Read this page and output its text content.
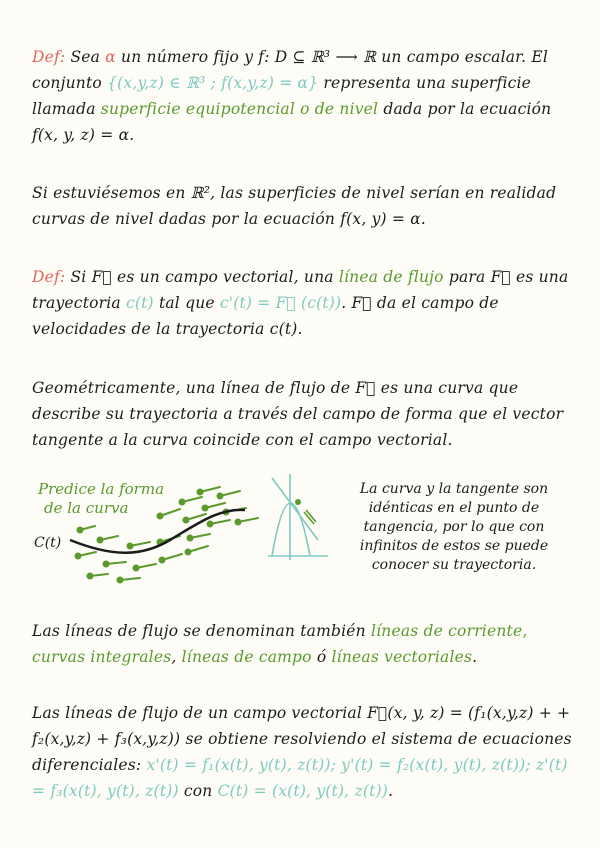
Def: Sea α un número fijo y f: D ⊆ ℝ³ ⟶ ℝ un campo escalar. El conjunto {(x,y,z) ∈ ℝ³ ; f(x,y,z) = α} representa una superficie llamada superficie equipotencial o de nivel dada por la ecuación f(x, y, z) = α.
Si estuviésemos en ℝ², las superficies de nivel serían en realidad curvas de nivel dadas por la ecuación f(x, y) = α.
Def: Si F⃗ es un campo vectorial, una línea de flujo para F⃗ es una trayectoria c(t) tal que c'(t) = F⃗ (c(t)). F⃗ da el campo de velocidades de la trayectoria c(t).
Geométricamente, una línea de flujo de F⃗ es una curva que describe su trayectoria a través del campo de forma que el vector tangente a la curva coincide con el campo vectorial.
Predice la forma
de la curva
C(t)
La curva y la tangente son idénticas en el punto de tangencia, por lo que con infinitos de estos se puede conocer su trayectoria.
Las líneas de flujo se denominan también líneas de corriente, curvas integrales, líneas de campo ó líneas vectoriales.
Las líneas de flujo de un campo vectorial F⃗(x, y, z) = (f₁(x,y,z) + + f₂(x,y,z) + f₃(x,y,z)) se obtiene resolviendo el sistema de ecuaciones diferenciales: x'(t) = f₁(x(t), y(t), z(t)); y'(t) = f₂(x(t), y(t), z(t)); z'(t) = f₃(x(t), y(t), z(t)) con C(t) = (x(t), y(t), z(t)).
